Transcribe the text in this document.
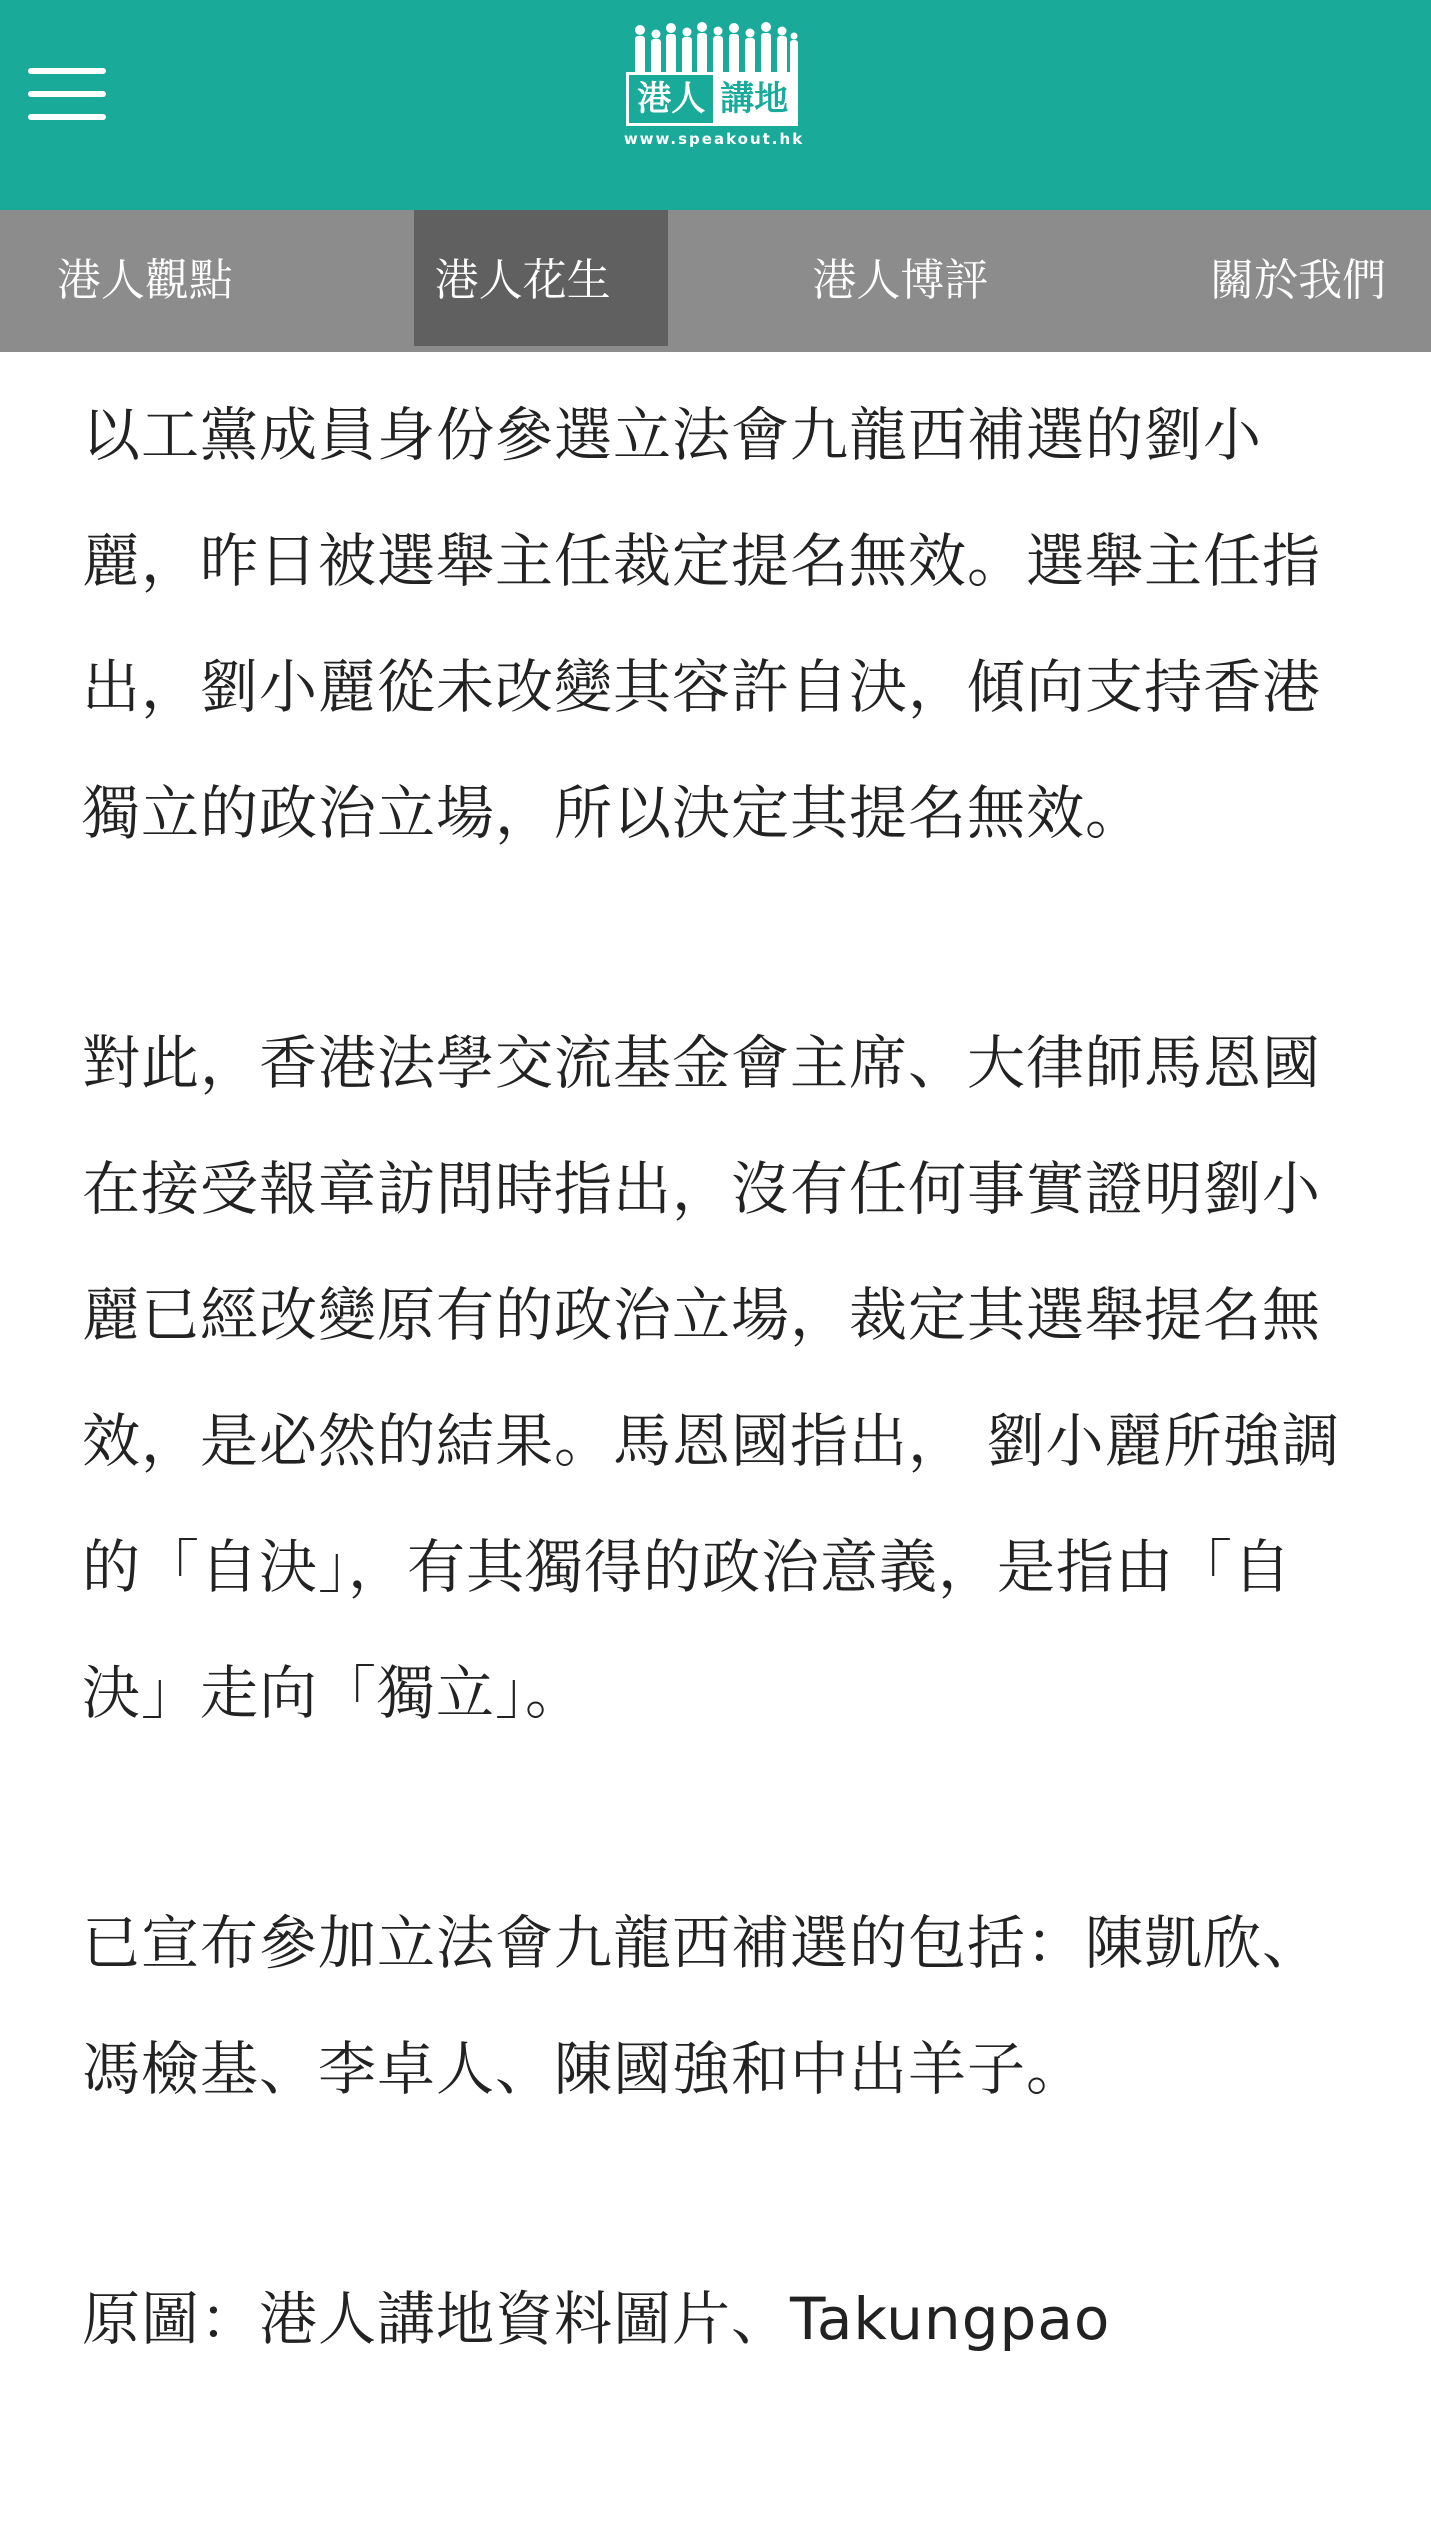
港人 講地
www.speakout.hk
港人觀點	港人花生	港人博評	關於我們

以工黨成員身份參選立法會九龍西補選的劉小麗，昨日被選舉主任裁定提名無效。選舉主任指出，劉小麗從未改變其容許自決，傾向支持香港獨立的政治立場，所以決定其提名無效。

對此，香港法學交流基金會主席、大律師馬恩國在接受報章訪問時指出，沒有任何事實證明劉小麗已經改變原有的政治立場，裁定其選舉提名無效，是必然的結果。馬恩國指出， 劉小麗所強調的「自決」，有其獨得的政治意義，是指由「自決」走向「獨立」。

已宣布參加立法會九龍西補選的包括：陳凱欣、馮檢基、李卓人、陳國強和中出羊子。

原圖：港人講地資料圖片、Takungpao
